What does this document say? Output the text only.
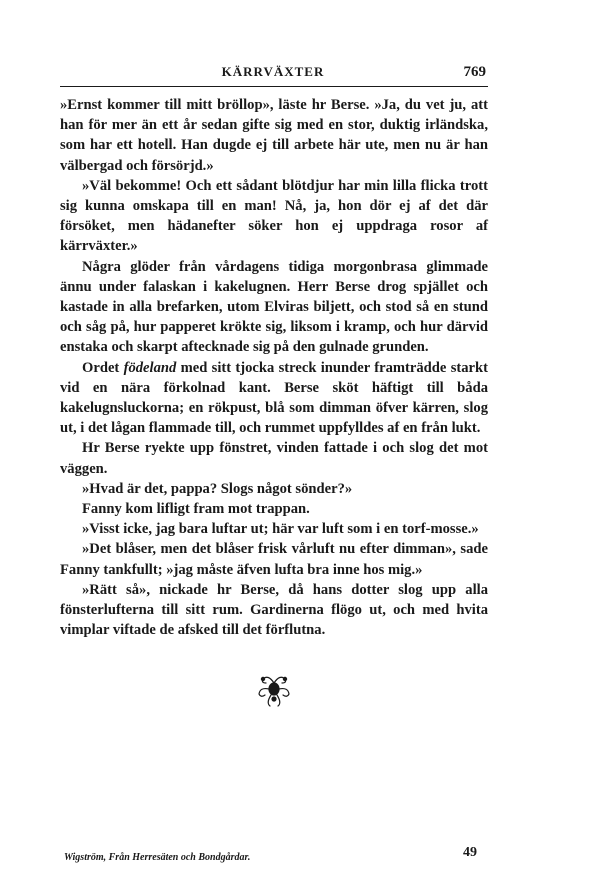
KÄRRVÄXTER	769

»Ernst kommer till mitt bröllop», läste hr Berse. »Ja, du vet ju, att han för mer än ett år sedan gifte sig med en stor, duktig irländska, som har ett hotell. Han dugde ej till arbete här ute, men nu är han välbergad och försörjd.»

»Väl bekomme! Och ett sådant blötdjur har min lilla flicka trott sig kunna omskapa till en man! Nå, ja, hon dör ej af det där försöket, men hädanefter söker hon ej uppdraga rosor af kärrväxter.»

Några glöder från vårdagens tidiga morgonbrasa glimmade ännu under falaskan i kakelugnen. Herr Berse drog spjället och kastade in alla brefarken, utom Elviras biljett, och stod så en stund och såg på, hur papperet krökte sig, liksom i kramp, och hur därvid enstaka och skarpt aftecknade sig på den gulnade grunden.

Ordet födeland med sitt tjocka streck inunder framträdde starkt vid en nära förkolnad kant. Berse sköt häftigt till båda kakelugnsluckorna; en rökpust, blå som dimman öfver kärren, slog ut, i det lågan flammade till, och rummet uppfylldes af en från lukt.

Hr Berse ryekte upp fönstret, vinden fattade i och slog det mot väggen.

»Hvad är det, pappa? Slogs något sönder?»

Fanny kom lifligt fram mot trappan.

»Visst icke, jag bara luftar ut; här var luft som i en torf-mosse.»

»Det blåser, men det blåser frisk vårluft nu efter dimman», sade Fanny tankfullt; »jag måste äfven lufta bra inne hos mig.»

»Rätt så», nickade hr Berse, då hans dotter slog upp alla fönsterlufterna till sitt rum. Gardinerna flögo ut, och med hvita vimplar viftade de afsked till det förflutna.

Wigström, Från Herresäten och Bondgårdar.	49
